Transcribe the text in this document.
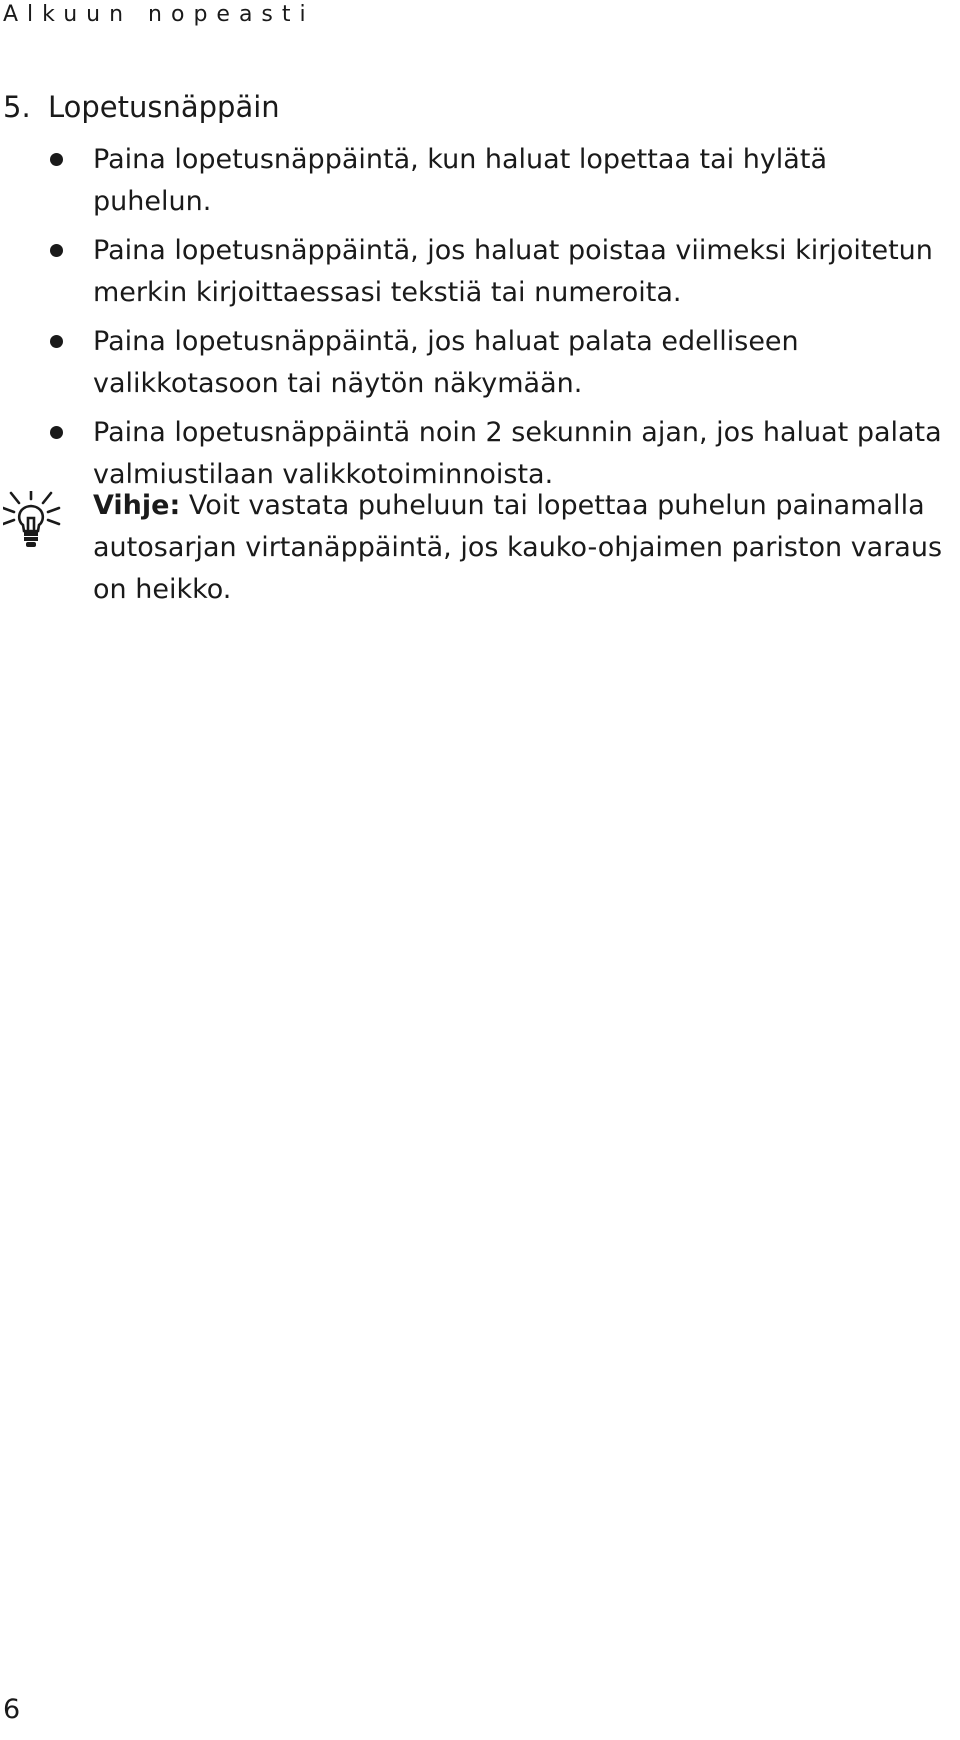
Alkuun nopeasti
5. Lopetusnäppäin
Paina lopetusnäppäintä, kun haluat lopettaa tai hylätä puhelun.
Paina lopetusnäppäintä, jos haluat poistaa viimeksi kirjoitetun merkin kirjoittaessasi tekstiä tai numeroita.
Paina lopetusnäppäintä, jos haluat palata edelliseen valikkotasoon tai näytön näkymään.
Paina lopetusnäppäintä noin 2 sekunnin ajan, jos haluat palata valmiustilaan valikkotoiminnoista.
Vihje: Voit vastata puheluun tai lopettaa puhelun painamalla autosarjan virtanäppäintä, jos kauko-ohjaimen pariston varaus on heikko.
6
